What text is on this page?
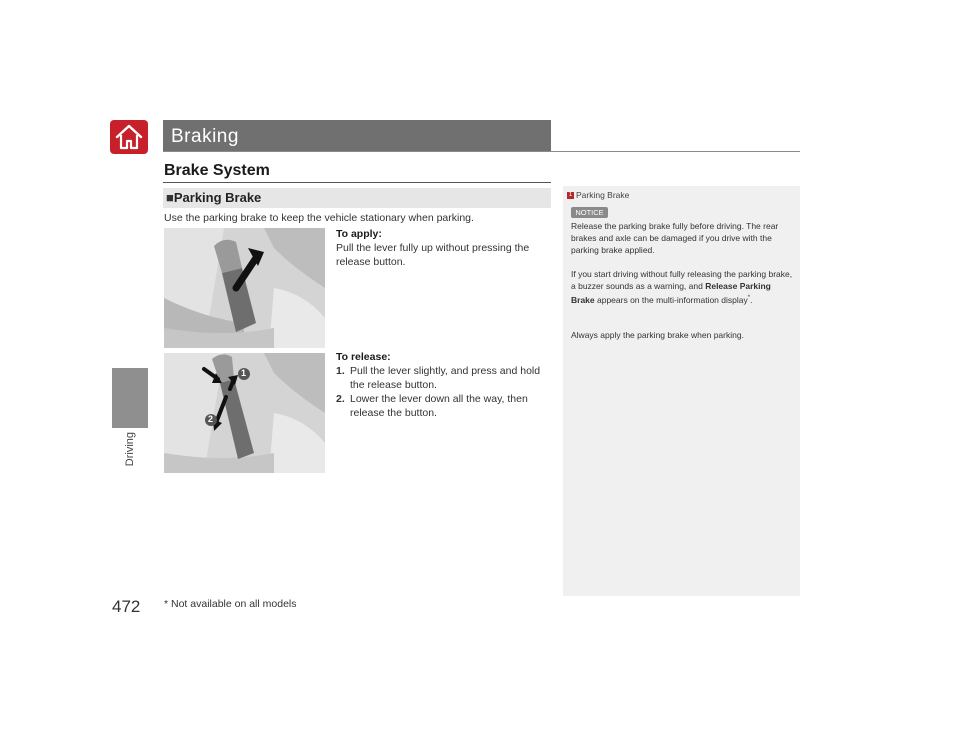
Driving
472 * Not available on all models
Braking
Brake System
■Parking Brake
Use the parking brake to keep the vehicle stationary when parking.
To apply:
Pull the lever fully up without pressing the release button.
1
2
To release:
1. Pull the lever slightly, and press and hold the release button.
2. Lower the lever down all the way, then release the button.
1 Parking Brake
NOTICE
Release the parking brake fully before driving. The rear brakes and axle can be damaged if you drive with the parking brake applied.
If you start driving without fully releasing the parking brake, a buzzer sounds as a warning, and Release Parking Brake appears on the multi-information display*.
Always apply the parking brake when parking.
